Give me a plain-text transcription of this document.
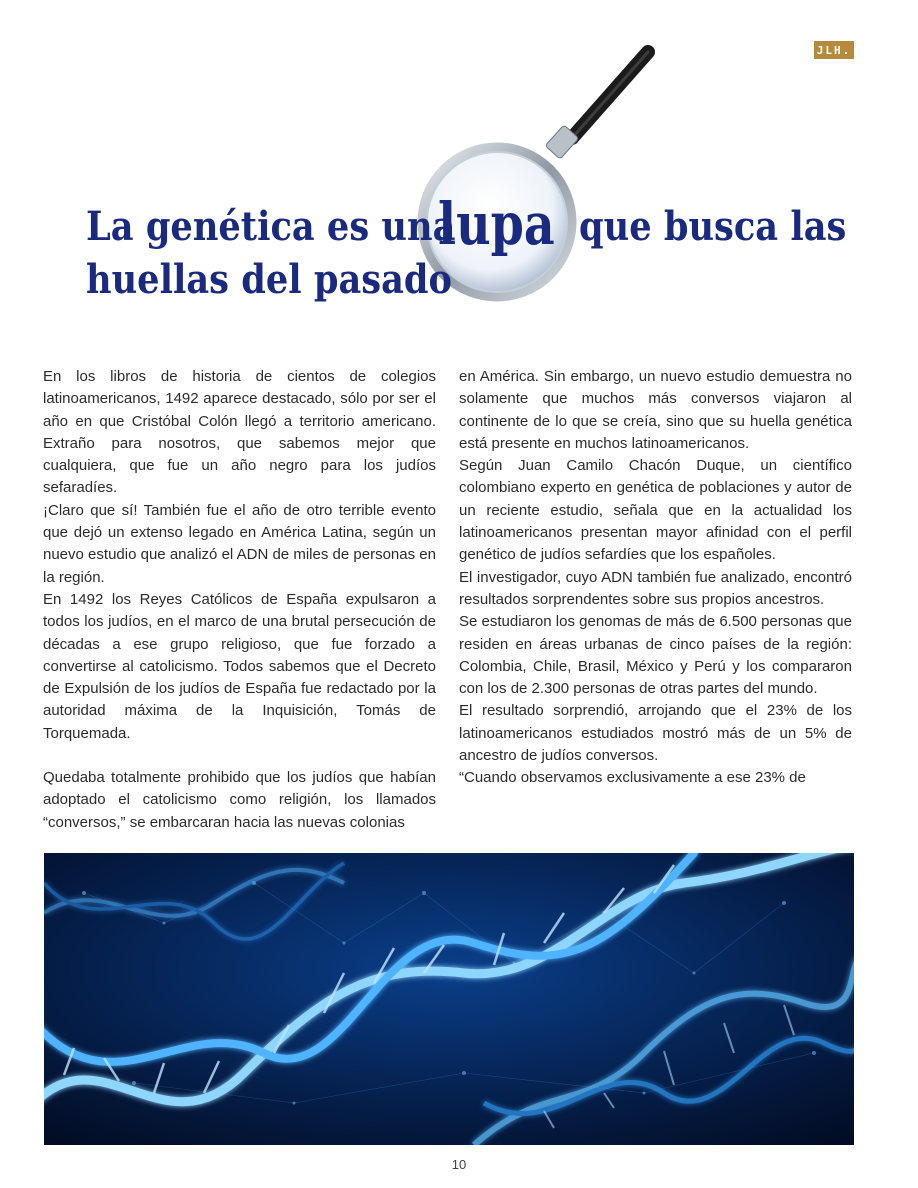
JLH.
La genética es una
lupa que busca las
huellas del pasado

En los libros de historia de cientos de colegios latinoamericanos, 1492 aparece destacado, sólo por ser el año en que Cristóbal Colón llegó a territorio americano. Extraño para nosotros, que sabemos mejor que cualquiera, que fue un año negro para los judíos sefaradíes.

¡Claro que sí! También fue el año de otro terrible evento que dejó un extenso legado en América Latina, según un nuevo estudio que analizó el ADN de miles de personas en la región.

En 1492 los Reyes Católicos de España expulsaron a todos los judíos, en el marco de una brutal persecución de décadas a ese grupo religioso, que fue forzado a convertirse al catolicismo. Todos sabemos que el Decreto de Expulsión de los judíos de España fue redactado por la autoridad máxima de la Inquisición, Tomás de Torquemada.

Quedaba totalmente prohibido que los judíos que habían adoptado el catolicismo como religión, los llamados “conversos,” se embarcaran hacia las nuevas colonias

en América. Sin embargo, un nuevo estudio demuestra no solamente que muchos más conversos viajaron al continente de lo que se creía, sino que su huella genética está presente en muchos latinoamericanos.

Según Juan Camilo Chacón Duque, un científico colombiano experto en genética de poblaciones y autor de un reciente estudio, señala que en la actualidad los latinoamericanos presentan mayor afinidad con el perfil genético de judíos sefardíes que los españoles.

El investigador, cuyo ADN también fue analizado, encontró resultados sorprendentes sobre sus propios ancestros.

Se estudiaron los genomas de más de 6.500 personas que residen en áreas urbanas de cinco países de la región: Colombia, Chile, Brasil, México y Perú y los compararon con los de 2.300 personas de otras partes del mundo.

El resultado sorprendió, arrojando que el 23% de los latinoamericanos estudiados mostró más de un 5% de ancestro de judíos conversos.

“Cuando observamos exclusivamente a ese 23% de

10
